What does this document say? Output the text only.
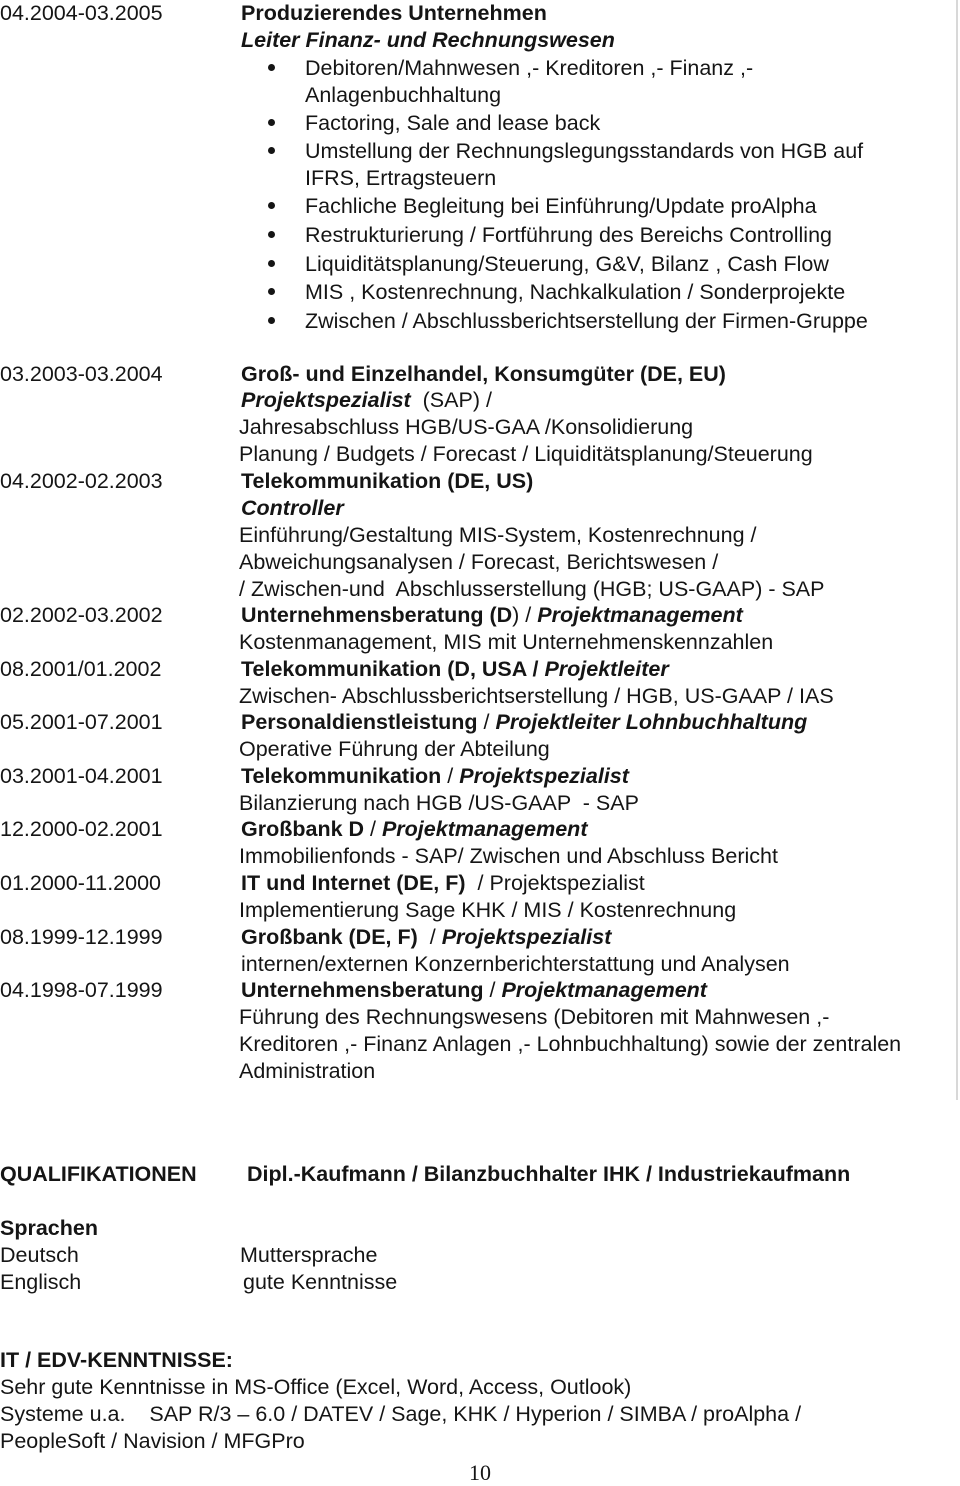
04.2004-03.2005	Produzierendes Unternehmen
Leiter Finanz- und Rechnungswesen
Debitoren/Mahnwesen ,- Kreditoren ,- Finanz ,-
Anlagenbuchhaltung
Factoring, Sale and lease back
Umstellung der Rechnungslegungsstandards von HGB auf
IFRS, Ertragsteuern
Fachliche Begleitung bei Einführung/Update proAlpha
Restrukturierung / Fortführung des Bereichs Controlling
Liquiditätsplanung/Steuerung, G&V, Bilanz , Cash Flow
MIS , Kostenrechnung, Nachkalkulation / Sonderprojekte
Zwischen / Abschlussberichtserstellung der Firmen-Gruppe
03.2003-03.2004	Groß- und Einzelhandel, Konsumgüter (DE, EU)
Projektspezialist  (SAP) /
Jahresabschluss HGB/US-GAA /Konsolidierung
Planung / Budgets / Forecast / Liquiditätsplanung/Steuerung
04.2002-02.2003	Telekommunikation (DE, US)
Controller
Einführung/Gestaltung MIS-System, Kostenrechnung /
Abweichungsanalysen / Forecast, Berichtswesen /
/ Zwischen-und  Abschlusserstellung (HGB; US-GAAP) - SAP
02.2002-03.2002	Unternehmensberatung (D) / Projektmanagement
Kostenmanagement, MIS mit Unternehmenskennzahlen
08.2001/01.2002	Telekommunikation (D, USA / Projektleiter
Zwischen- Abschlussberichtserstellung / HGB, US-GAAP / IAS
05.2001-07.2001	Personaldienstleistung / Projektleiter Lohnbuchhaltung
Operative Führung der Abteilung
03.2001-04.2001	Telekommunikation / Projektspezialist
Bilanzierung nach HGB /US-GAAP  - SAP
12.2000-02.2001	Großbank D / Projektmanagement
Immobilienfonds - SAP/ Zwischen und Abschluss Bericht
01.2000-11.2000	IT und Internet (DE, F)  / Projektspezialist
Implementierung Sage KHK / MIS / Kostenrechnung
08.1999-12.1999	Großbank (DE, F)  / Projektspezialist
internen/externen Konzernberichterstattung und Analysen
04.1998-07.1999	Unternehmensberatung / Projektmanagement
Führung des Rechnungswesens (Debitoren mit Mahnwesen ,-
Kreditoren ,- Finanz Anlagen ,- Lohnbuchhaltung) sowie der zentralen
Administration
QUALIFIKATIONEN Dipl.-Kaufmann / Bilanzbuchhalter IHK / Industriekaufmann
Sprachen
Deutsch	Muttersprache
Englisch	gute Kenntnisse
IT / EDV-KENNTNISSE:
Sehr gute Kenntnisse in MS-Office (Excel, Word, Access, Outlook)
Systeme u.a.    SAP R/3 – 6.0 / DATEV / Sage, KHK / Hyperion / SIMBA / proAlpha /
PeopleSoft / Navision / MFGPro
10
